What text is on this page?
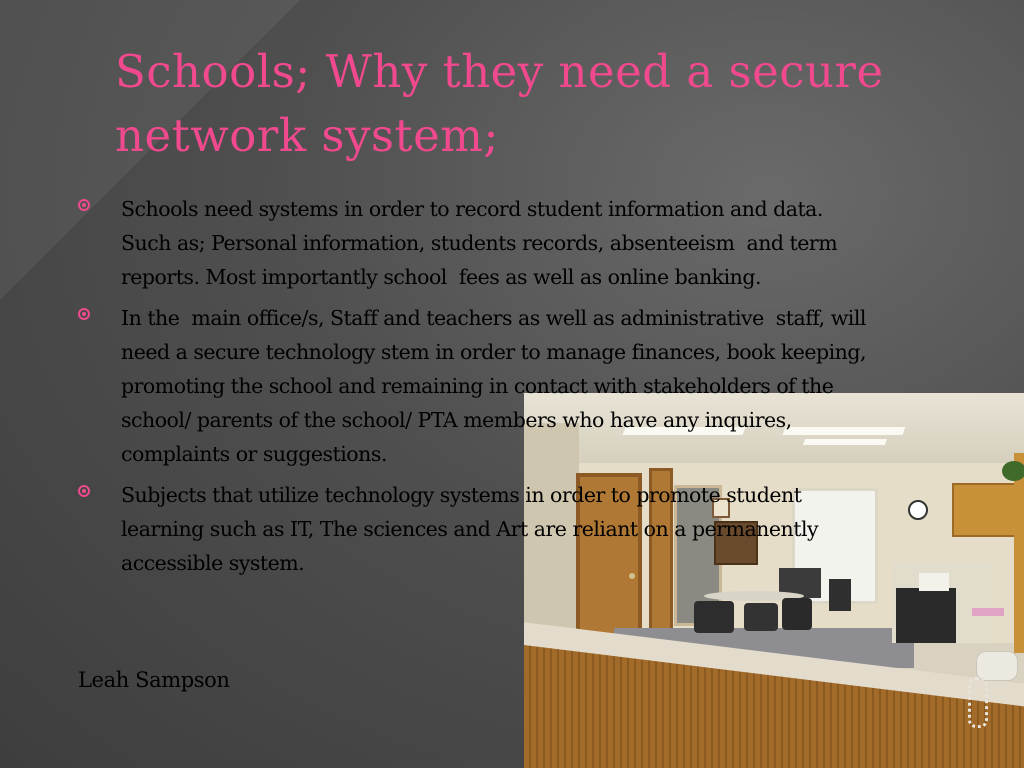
Schools; Why they need a secure
network system;
Schools need systems in order to record student information and data.
Such as; Personal information, students records, absenteeism  and term
reports. Most importantly school  fees as well as online banking.
In the  main office/s, Staff and teachers as well as administrative  staff, will
need a secure technology stem in order to manage finances, book keeping,
promoting the school and remaining in contact with stakeholders of the
school/ parents of the school/ PTA members who have any inquires,
complaints or suggestions.
Subjects that utilize technology systems in order to promote student
learning such as IT, The sciences and Art are reliant on a permanently
accessible system.
Leah Sampson
